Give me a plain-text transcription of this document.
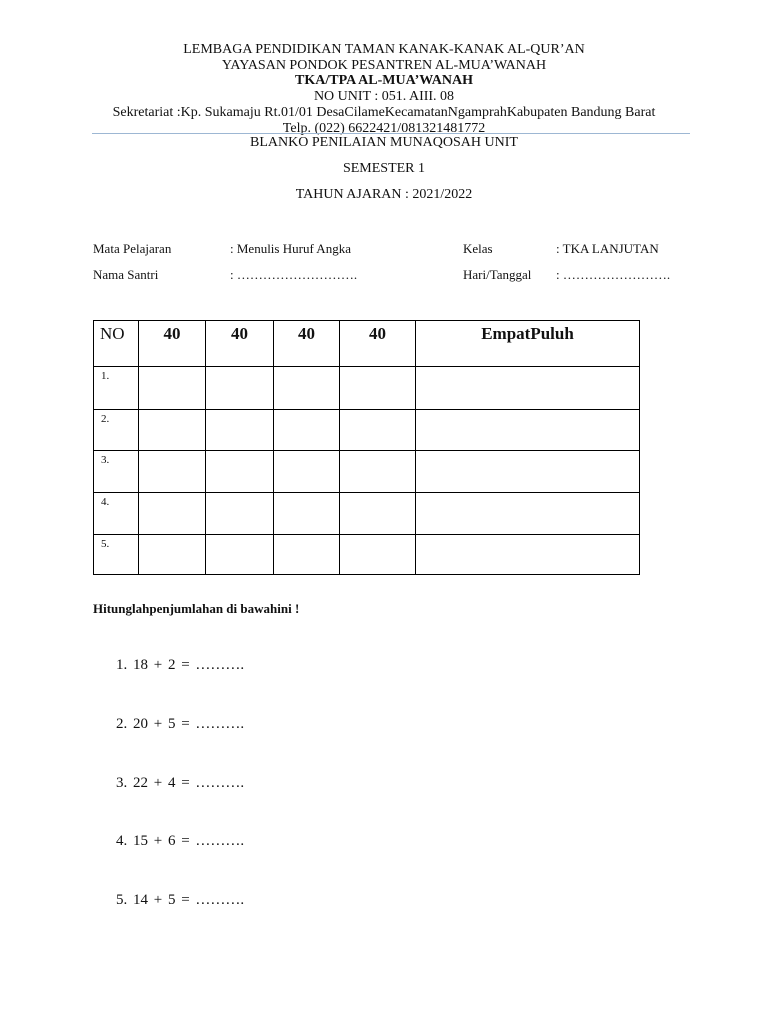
LEMBAGA PENDIDIKAN TAMAN KANAK-KANAK AL-QUR’AN
YAYASAN PONDOK PESANTREN AL-MUA’WANAH
TKA/TPA AL-MUA’WANAH
NO UNIT : 051. AIII. 08
Sekretariat :Kp. Sukamaju Rt.01/01 DesaCilameKecamatanNgamprahKabupaten Bandung Barat
Telp. (022) 6622421/081321481772
BLANKO PENILAIAN MUNAQOSAH UNIT
SEMESTER 1
TAHUN AJARAN : 2021/2022
Mata Pelajaran	: Menulis Huruf Angka	Kelas	: TKA LANJUTAN
Nama Santri	: ……………………….	Hari/Tanggal : …………………….
NO	40	40	40	40	EmpatPuluh
1.					
2.					
3.					
4.					
5.					
Hitunglahpenjumlahan di bawahini !
1. 18 + 2 = ……….
2. 20 + 5 = ……….
3. 22 + 4 = ……….
4. 15 + 6 = ……….
5. 14 + 5 = ……….
